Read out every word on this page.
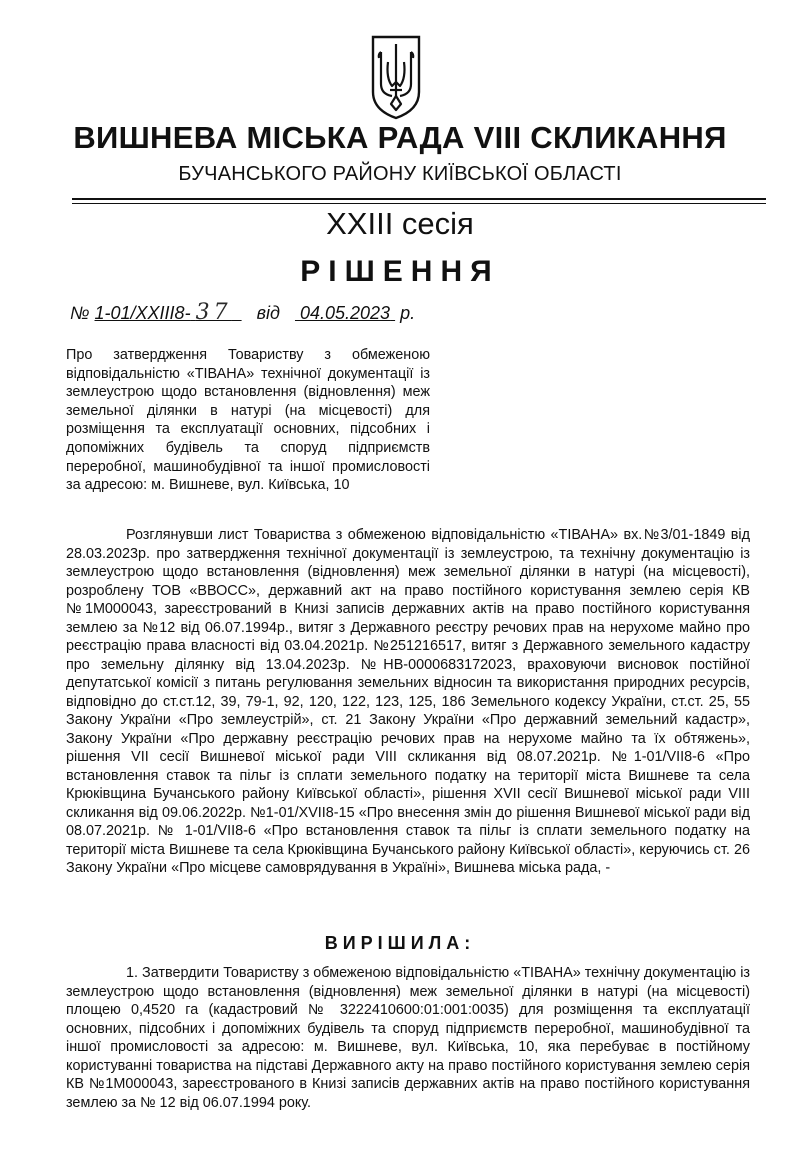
ВИШНЕВА МІСЬКА РАДА VIII СКЛИКАННЯ
БУЧАНСЬКОГО РАЙОНУ КИЇВСЬКОЇ ОБЛАСТІ
XXIII сесія
РІШЕННЯ
№ 1-01/XXIII8- 37 від 04.05.2023 р.
Про затвердження Товариству з обмеженою відповідальністю «ТІВАНА» технічної документації із землеустрою щодо встановлення (відновлення) меж земельної ділянки в натурі (на місцевості) для розміщення та експлуатації основних, підсобних і допоміжних будівель та споруд підприємств переробної, машинобудівної та іншої промисловості за адресою: м. Вишневе, вул. Київська, 10
Розглянувши лист Товариства з обмеженою відповідальністю «ТІВАНА» вх.№3/01-1849 від 28.03.2023р. про затвердження технічної документації із землеустрою, та технічну документацію із землеустрою щодо встановлення (відновлення) меж земельної ділянки в натурі (на місцевості), розроблену ТОВ «ВВОСС», державний акт на право постійного користування землею серія КВ №1М000043, зареєстрований в Книзі записів державних актів на право постійного користування землею за №12 від 06.07.1994р., витяг з Державного реєстру речових прав на нерухоме майно про реєстрацію права власності від 03.04.2021р. №251216517, витяг з Державного земельного кадастру про земельну ділянку від 13.04.2023р. №НВ-0000683172023, враховуючи висновок постійної депутатської комісії з питань регулювання земельних відносин та використання природних ресурсів, відповідно до ст.ст.12, 39, 79-1, 92, 120, 122, 123, 125, 186 Земельного кодексу України, ст.ст. 25, 55 Закону України «Про землеустрій», ст. 21 Закону України «Про державний земельний кадастр», Закону України «Про державну реєстрацію речових прав на нерухоме майно та їх обтяжень», рішення VII сесії Вишневої міської ради VIII скликання від 08.07.2021р. №1-01/VII8-6 «Про встановлення ставок та пільг із сплати земельного податку на території міста Вишневе та села Крюківщина Бучанського району Київської області», рішення XVII сесії Вишневої міської ради VIII скликання від 09.06.2022р. №1-01/XVII8-15 «Про внесення змін до рішення Вишневої міської ради від 08.07.2021р. № 1-01/VII8-6 «Про встановлення ставок та пільг із сплати земельного податку на території міста Вишневе та села Крюківщина Бучанського району Київської області», керуючись ст. 26 Закону України «Про місцеве самоврядування в Україні», Вишнева міська рада, -
ВИРІШИЛА:
1. Затвердити Товариству з обмеженою відповідальністю «ТІВАНА» технічну документацію із землеустрою щодо встановлення (відновлення) меж земельної ділянки в натурі (на місцевості) площею 0,4520 га (кадастровий № 3222410600:01:001:0035) для розміщення та експлуатації основних, підсобних і допоміжних будівель та споруд підприємств переробної, машинобудівної та іншої промисловості за адресою: м. Вишневе, вул. Київська, 10, яка перебуває в постійному користуванні товариства на підставі Державного акту на право постійного користування землею серія КВ №1М000043, зареєстрованого в Книзі записів державних актів на право постійного користування землею за № 12 від 06.07.1994 року.
